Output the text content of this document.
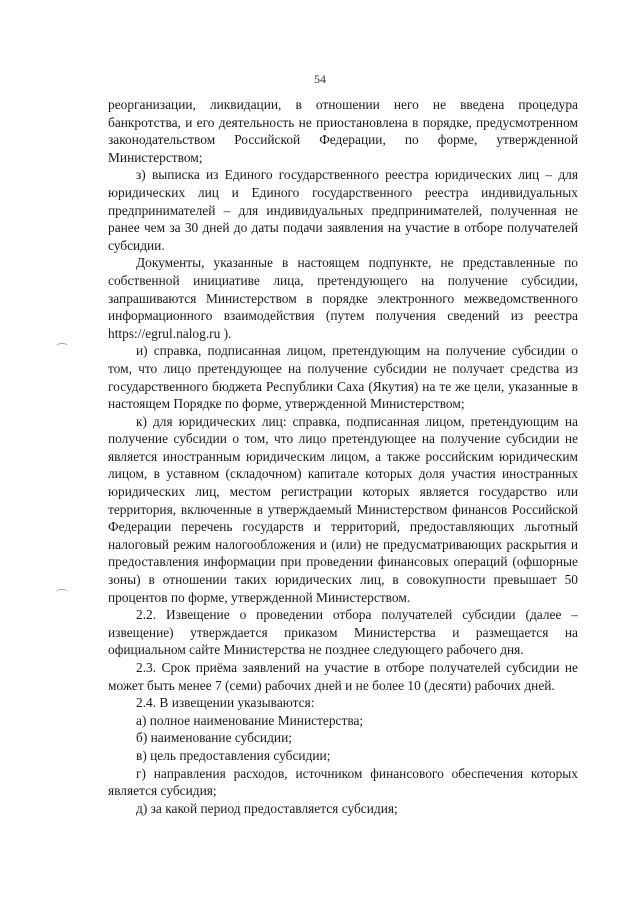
54

реорганизации, ликвидации, в отношении него не введена процедура банкротства, и его деятельность не приостановлена в порядке, предусмотренном законодательством Российской Федерации, по форме, утвержденной Министерством;

з) выписка из Единого государственного реестра юридических лиц – для юридических лиц и Единого государственного реестра индивидуальных предпринимателей – для индивидуальных предпринимателей, полученная не ранее чем за 30 дней до даты подачи заявления на участие в отборе получателей субсидии.

Документы, указанные в настоящем подпункте, не представленные по собственной инициативе лица, претендующего на получение субсидии, запрашиваются Министерством в порядке электронного межведомственного информационного взаимодействия (путем получения сведений из реестра https://egrul.nalog.ru ).

и) справка, подписанная лицом, претендующим на получение субсидии о том, что лицо претендующее на получение субсидии не получает средства из государственного бюджета Республики Саха (Якутия) на те же цели, указанные в настоящем Порядке по форме, утвержденной Министерством;

к) для юридических лиц: справка, подписанная лицом, претендующим на получение субсидии о том, что лицо претендующее на получение субсидии не является иностранным юридическим лицом, а также российским юридическим лицом, в уставном (складочном) капитале которых доля участия иностранных юридических лиц, местом регистрации которых является государство или территория, включенные в утверждаемый Министерством финансов Российской Федерации перечень государств и территорий, предоставляющих льготный налоговый режим налогообложения и (или) не предусматривающих раскрытия и предоставления информации при проведении финансовых операций (офшорные зоны) в отношении таких юридических лиц, в совокупности превышает 50 процентов по форме, утвержденной Министерством.

2.2. Извещение о проведении отбора получателей субсидии (далее – извещение) утверждается приказом Министерства и размещается на официальном сайте Министерства не позднее следующего рабочего дня.

2.3. Срок приёма заявлений на участие в отборе получателей субсидии не может быть менее 7 (семи) рабочих дней и не более 10 (десяти) рабочих дней.

2.4. В извещении указываются:

а) полное наименование Министерства;

б) наименование субсидии;

в) цель предоставления субсидии;

г) направления расходов, источником финансового обеспечения которых является субсидия;

д) за какой период предоставляется субсидия;
